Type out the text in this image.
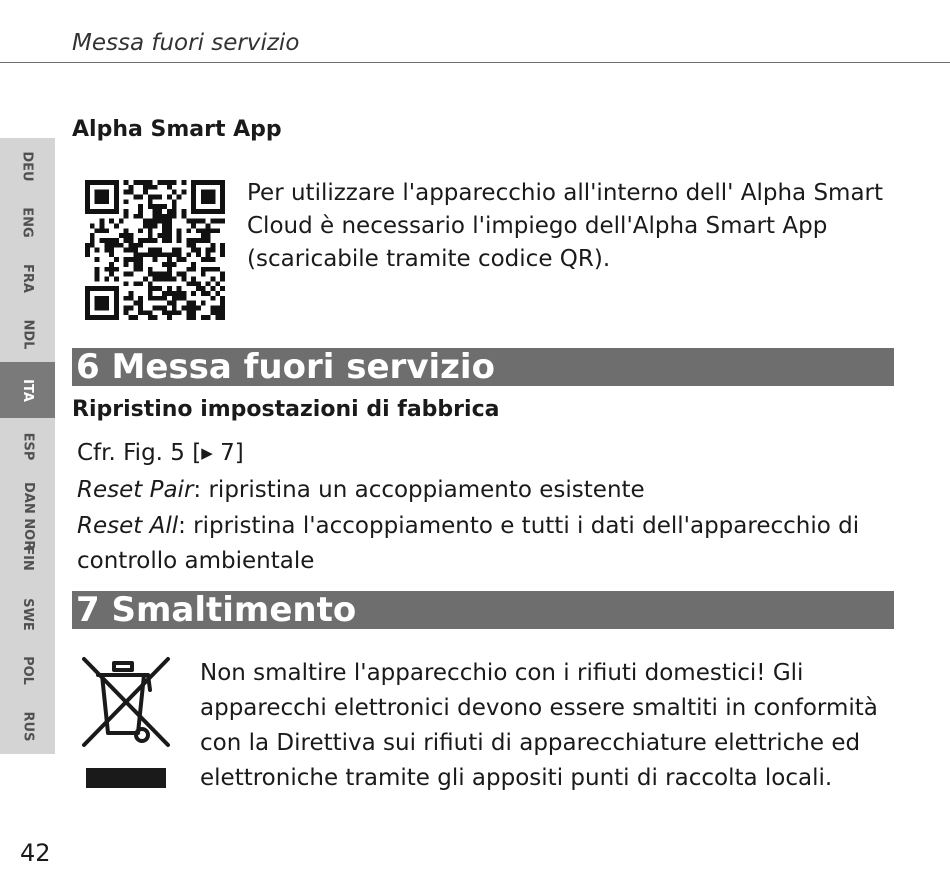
Messa fuori servizio
DEU
ENG
FRA
NDL
ITA
ESP
DAN NOR
FIN
SWE
POL
RUS
Alpha Smart App
Per utilizzare l'apparecchio all'interno dell' Alpha Smart Cloud è necessario l'impiego dell'Alpha Smart App (scaricabile tramite codice QR).
6 Messa fuori servizio
Ripristino impostazioni di fabbrica
Cfr. Fig. 5 [▶ 7]
Reset Pair: ripristina un accoppiamento esistente
Reset All: ripristina l'accoppiamento e tutti i dati dell'apparecchio di
controllo ambientale
7 Smaltimento
Non smaltire l'apparecchio con i rifiuti domestici! Gli apparecchi elettronici devono essere smaltiti in conformità con la Direttiva sui rifiuti di apparecchiature elettriche ed elettroniche tramite gli appositi punti di raccolta locali.
42
